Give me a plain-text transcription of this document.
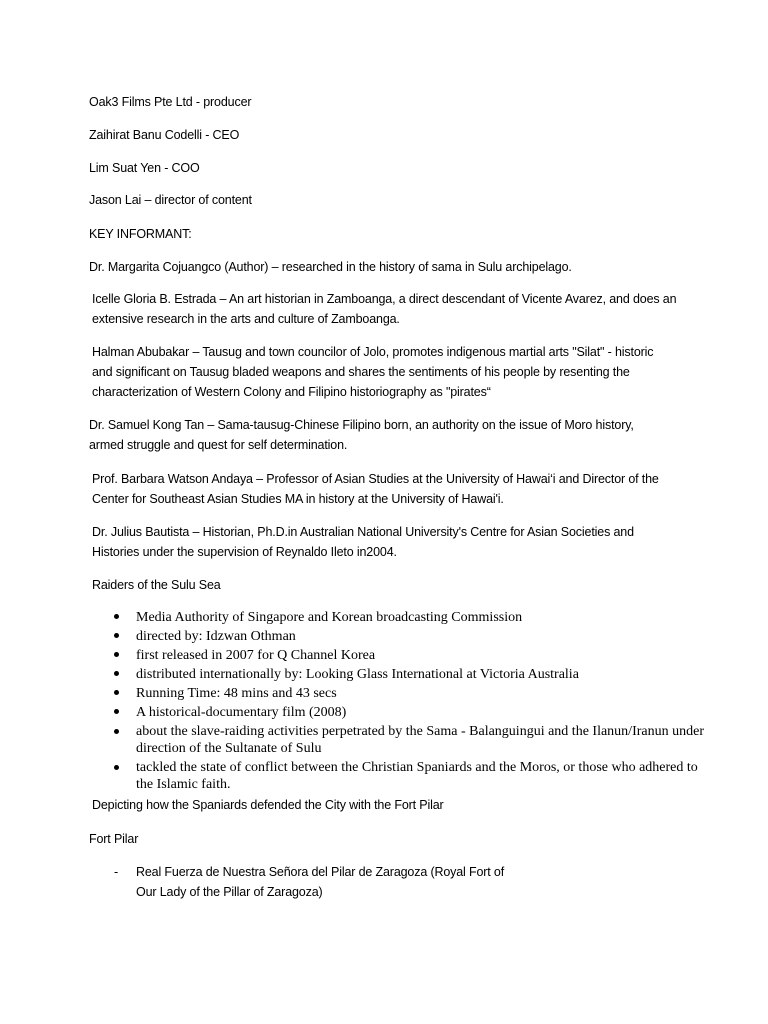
Oak3 Films Pte Ltd - producer

Zaihirat Banu Codelli - CEO

Lim Suat Yen - COO

Jason Lai – director of content

KEY INFORMANT:

Dr. Margarita Cojuangco (Author) – researched in the history of sama in Sulu archipelago.

Icelle Gloria B. Estrada – An art historian in Zamboanga, a direct descendant of Vicente Avarez, and does an extensive research in the arts and culture of Zamboanga.

Halman Abubakar – Tausug and town councilor of Jolo, promotes indigenous martial arts "Silat" - historic and significant on Tausug bladed weapons and shares the sentiments of his people by resenting the characterization of Western Colony and Filipino historiography as "pirates“

Dr. Samuel Kong Tan – Sama-tausug-Chinese Filipino born, an authority on the issue of Moro history, armed struggle and quest for self determination.

Prof. Barbara Watson Andaya – Professor of Asian Studies at the University of Hawai‘i and Director of the Center for Southeast Asian Studies MA in history at the University of Hawai'i.

Dr. Julius Bautista – Historian, Ph.D.in Australian National University's Centre for Asian Societies and Histories under the supervision of Reynaldo Ileto in2004.

Raiders of the Sulu Sea

Media Authority of Singapore and Korean broadcasting Commission
directed by: Idzwan Othman
first released in 2007 for Q Channel Korea
distributed internationally by: Looking Glass International at Victoria Australia
Running Time: 48 mins and 43 secs
A historical-documentary film (2008)
about the slave-raiding activities perpetrated by the Sama - Balanguingui and the Ilanun/Iranun under direction of the Sultanate of Sulu
tackled the state of conflict between the Christian Spaniards and the Moros, or those who adhered to the Islamic faith.

Depicting how the Spaniards defended the City with the Fort Pilar

Fort Pilar

- Real Fuerza de Nuestra Señora del Pilar de Zaragoza (Royal Fort of Our Lady of the Pillar of Zaragoza)
